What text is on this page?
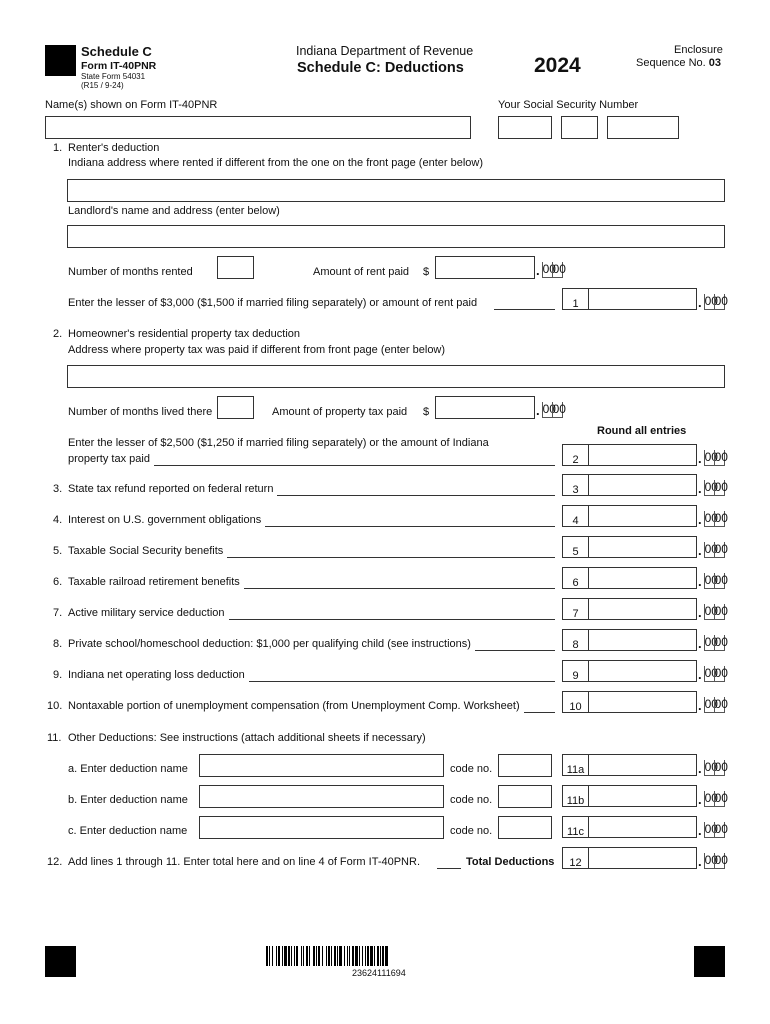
Schedule C
Form IT-40PNR
State Form 54031
(R15 / 9-24)
Indiana Department of Revenue
Schedule C: Deductions	2024
Enclosure
Sequence No. 03
Name(s) shown on Form IT-40PNR	Your Social Security Number
1. Renter's deduction
Indiana address where rented if different from the one on the front page (enter below)
Landlord's name and address (enter below)
Number of months rented	Amount of rent paid $	. 00
00
Enter the lesser of $3,000 ($1,500 if married filing separately) or amount of rent paid	1	. 00
00
2. Homeowner's residential property tax deduction
Address where property tax was paid if different from front page (enter below)
Number of months lived there	Amount of property tax paid $	. 00
00
Round all entries
Enter the lesser of $2,500 ($1,250 if married filing separately) or the amount of Indiana
property tax paid	2	. 00
00
3. State tax refund reported on federal return	3	. 00
00
4. Interest on U.S. government obligations	4	. 00
00
5. Taxable Social Security benefits	5	. 00
00
6. Taxable railroad retirement benefits	6	. 00
00
7. Active military service deduction	7	. 00
00
8. Private school/homeschool deduction: $1,000 per qualifying child (see instructions)	8	. 00
00
9. Indiana net operating loss deduction	9	. 00
00
10. Nontaxable portion of unemployment compensation (from Unemployment Comp. Worksheet)	10	. 00
00
11. Other Deductions: See instructions (attach additional sheets if necessary)
a. Enter deduction name	code no.	11a	. 00
00
b. Enter deduction name	code no.	11b	. 00
00
c. Enter deduction name	code no.	11c	. 00
00
12. Add lines 1 through 11. Enter total here and on line 4 of Form IT-40PNR.	Total Deductions	12	. 00
00
23624111694
